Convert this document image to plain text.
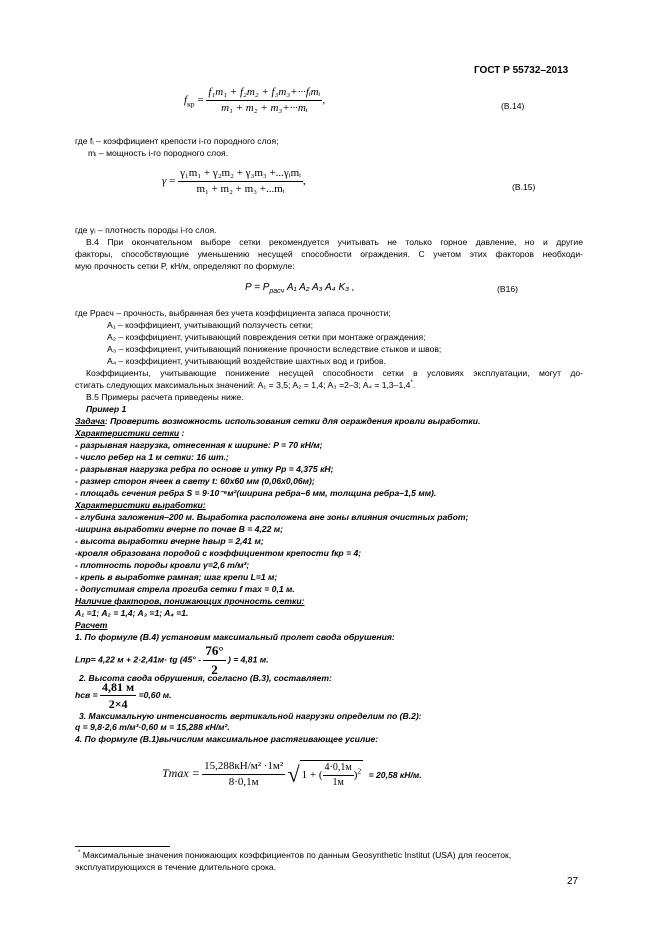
ГОСТ Р 55732–2013
$f_{кр} = \frac{\text{f₁m₁ + f₂m₂ + f₃m₃+···fᵢmᵢ}}{\text{m₁ + m₂ + m₃+···mᵢ}}$ ,	(В.14)
где fᵢ – коэффициент крепости i-го породного слоя;
mᵢ – мощность i-го породного слоя.
$\gamma = \frac{\text{γ₁m₁ + γ₂m₂ + γ₃m₃ +...γᵢmᵢ}}{\text{m₁ + m₂ + m₃ +...mᵢ}}$ ,	(В.15)
где γᵢ – плотность породы i-го слоя.
В.4 При окончательном выборе сетки рекомендуется учитывать не только горное давление, но и другие
факторы, способствующие уменьшению несущей способности ограждения. С учетом этих факторов необходи-
мую прочность сетки P, кН/м, определяют по формуле:
$P = P_{расч}$ A₁ A₂ A₃ A₄ K₃ ,	(В16)
где Pрасч – прочность, выбранная без учета коэффициента запаса прочности;
A₁ – коэффициент, учитывающий ползучесть сетки;
A₂ – коэффициент, учитывающий повреждения сетки при монтаже ограждения;
A₃ – коэффициент, учитывающий понижение прочности вследствие стыков и швов;
A₄ – коэффициент, учитывающий воздействие шахтных вод и грибов.
Коэффициенты, учитывающие понижение несущей способности сетки в условиях эксплуатации, могут до-
стигать следующих максимальных значений: A₁ = 3,5; A₂ = 1,4; A₃ =2–3; A₄ = 1,3–1,4*.
В.5 Примеры расчета приведены ниже.
Пример 1
Задача: Проверить возможность использования сетки для ограждения кровли выработки.
Характеристики сетки :
- разрывная нагрузка, отнесенная к ширине: P = 70 кН/м;
- число ребер на 1 м сетки: 16 шт.;
- разрывная нагрузка ребра по основе и утку Pр = 4,375 кН;
- размер сторон ячеек в свету t: 60х60 мм (0,06х0,06м);
- площадь сечения ребра S = 9·10⁻⁶м²(ширина ребра–6 мм, толщина ребра–1,5 мм).
Характеристики выработки:
- глубина заложения–200 м. Выработка расположена вне зоны влияния очистных работ;
-ширина выработки вчерне по почве B = 4,22 м;
- высота выработки вчерне hвыр = 2,41 м;
-кровля образована породой с коэффициентом крепости fкр = 4;
- плотность породы кровли γ=2,6 т/м³;
- крепь в выработке рамная; шаг крепи L=1 м;
- допустимая стрела прогиба сетки f max = 0,1 м.
Наличие факторов, понижающих прочность сетки:
A₁ =1; A₂ = 1,4; A₃ =1; A₄ =1.
Расчет
1. По формуле (В.4) установим максимальный пролет свода обрушения:
Lпр= 4,22 м + 2·2,41м· tg ($45^\circ - \frac{76^\circ}{2}$ ) = 4,81 м.
2. Высота свода обрушения, согласно (В.3), составляет:
hсв = $\frac{4,81 м}{2\times 4} =0,60$ м.
3. Максимальную интенсивность вертикальной нагрузки определим по (В.2):
q = 9,8·2,6 т/м³·0,60 м = 15,288 кН/м².
4. По формуле (В.1)вычислим максимальное растягивающее усилие:
$Tmax = \frac{\text{15,288кН/м² ·1м²}}{8\cdot 0,1м}$ √ 1 + ( $\frac{4\cdot 0,1м}{1м} )^2 = 20,58$ кН/м.
* Максимальные значения понижающих коэффициентов по данным Geosynthetic Institut (USA) для геосеток,
эксплуатирующихся в течение длительного срока.
27
